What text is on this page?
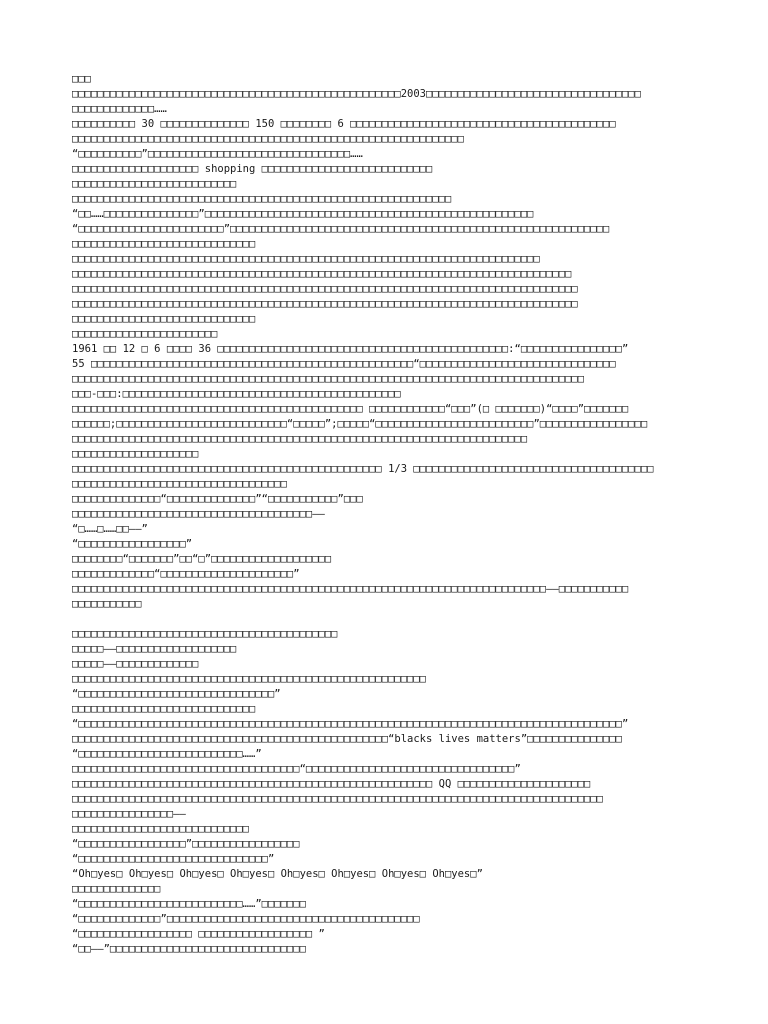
□□□
□□□□□□□□□□□□□□□□□□□□□□□□□□□□□□□□□□□□□□□□□□□□□□□□□□□□2003□□□□□□□□□□□□□□□□□□□□□□□□□□□□□□□□□□
□□□□□□□□□□□□□……
□□□□□□□□□□ 30 □□□□□□□□□□□□□□ 150 □□□□□□□□ 6 □□□□□□□□□□□□□□□□□□□□□□□□□□□□□□□□□□□□□□□□□□
□□□□□□□□□□□□□□□□□□□□□□□□□□□□□□□□□□□□□□□□□□□□□□□□□□□□□□□□□□□□□□
“□□□□□□□□□□”□□□□□□□□□□□□□□□□□□□□□□□□□□□□□□□□……
□□□□□□□□□□□□□□□□□□□□ shopping □□□□□□□□□□□□□□□□□□□□□□□□□□□
□□□□□□□□□□□□□□□□□□□□□□□□□□
□□□□□□□□□□□□□□□□□□□□□□□□□□□□□□□□□□□□□□□□□□□□□□□□□□□□□□□□□□□□
“□□……□□□□□□□□□□□□□□□”□□□□□□□□□□□□□□□□□□□□□□□□□□□□□□□□□□□□□□□□□□□□□□□□□□□□
“□□□□□□□□□□□□□□□□□□□□□□□”□□□□□□□□□□□□□□□□□□□□□□□□□□□□□□□□□□□□□□□□□□□□□□□□□□□□□□□□□□□□
□□□□□□□□□□□□□□□□□□□□□□□□□□□□□
□□□□□□□□□□□□□□□□□□□□□□□□□□□□□□□□□□□□□□□□□□□□□□□□□□□□□□□□□□□□□□□□□□□□□□□□□□
□□□□□□□□□□□□□□□□□□□□□□□□□□□□□□□□□□□□□□□□□□□□□□□□□□□□□□□□□□□□□□□□□□□□□□□□□□□□□□□
□□□□□□□□□□□□□□□□□□□□□□□□□□□□□□□□□□□□□□□□□□□□□□□□□□□□□□□□□□□□□□□□□□□□□□□□□□□□□□□□
□□□□□□□□□□□□□□□□□□□□□□□□□□□□□□□□□□□□□□□□□□□□□□□□□□□□□□□□□□□□□□□□□□□□□□□□□□□□□□□□
□□□□□□□□□□□□□□□□□□□□□□□□□□□□□
□□□□□□□□□□□□□□□□□□□□□□□
1961 □□ 12 □ 6 □□□□ 36 □□□□□□□□□□□□□□□□□□□□□□□□□□□□□□□□□□□□□□□□□□□□□□:“□□□□□□□□□□□□□□□□”
55 □□□□□□□□□□□□□□□□□□□□□□□□□□□□□□□□□□□□□□□□□□□□□□□□□□□“□□□□□□□□□□□□□□□□□□□□□□□□□□□□□□□
□□□□□□□□□□□□□□□□□□□□□□□□□□□□□□□□□□□□□□□□□□□□□□□□□□□□□□□□□□□□□□□□□□□□□□□□□□□□□□□□□
□□□-□□□:□□□□□□□□□□□□□□□□□□□□□□□□□□□□□□□□□□□□□□□□□□□□
□□□□□□□□□□□□□□□□□□□□□□□□□□□□□□□□□□□□□□□□□□□□□□ □□□□□□□□□□□□“□□□”(□ □□□□□□□)“□□□□”□□□□□□□
□□□□□□;□□□□□□□□□□□□□□□□□□□□□□□□□□□“□□□□□”;□□□□□“□□□□□□□□□□□□□□□□□□□□□□□□□”□□□□□□□□□□□□□□□□□
□□□□□□□□□□□□□□□□□□□□□□□□□□□□□□□□□□□□□□□□□□□□□□□□□□□□□□□□□□□□□□□□□□□□□□□□
□□□□□□□□□□□□□□□□□□□□
□□□□□□□□□□□□□□□□□□□□□□□□□□□□□□□□□□□□□□□□□□□□□□□□□ 1/3 □□□□□□□□□□□□□□□□□□□□□□□□□□□□□□□□□□□□□□
□□□□□□□□□□□□□□□□□□□□□□□□□□□□□□□□□□
□□□□□□□□□□□□□□“□□□□□□□□□□□□□□”“□□□□□□□□□□□”□□□
□□□□□□□□□□□□□□□□□□□□□□□□□□□□□□□□□□□□□□——
“□……□……□□——”
“□□□□□□□□□□□□□□□□□”
□□□□□□□□“□□□□□□□”□□“□”□□□□□□□□□□□□□□□□□□□
□□□□□□□□□□□□□“□□□□□□□□□□□□□□□□□□□□□”
□□□□□□□□□□□□□□□□□□□□□□□□□□□□□□□□□□□□□□□□□□□□□□□□□□□□□□□□□□□□□□□□□□□□□□□□□□□——□□□□□□□□□□□
□□□□□□□□□□□
□□□□□□□□□□□□□□□□□□□□□□□□□□□□□□□□□□□□□□□□□□
□□□□□——□□□□□□□□□□□□□□□□□□□
□□□□□——□□□□□□□□□□□□□
□□□□□□□□□□□□□□□□□□□□□□□□□□□□□□□□□□□□□□□□□□□□□□□□□□□□□□□□
“□□□□□□□□□□□□□□□□□□□□□□□□□□□□□□□”
□□□□□□□□□□□□□□□□□□□□□□□□□□□□□
“□□□□□□□□□□□□□□□□□□□□□□□□□□□□□□□□□□□□□□□□□□□□□□□□□□□□□□□□□□□□□□□□□□□□□□□□□□□□□□□□□□□□□□”
□□□□□□□□□□□□□□□□□□□□□□□□□□□□□□□□□□□□□□□□□□□□□□□□□□“blacks lives matters”□□□□□□□□□□□□□□□
“□□□□□□□□□□□□□□□□□□□□□□□□□□……”
□□□□□□□□□□□□□□□□□□□□□□□□□□□□□□□□□□□□“□□□□□□□□□□□□□□□□□□□□□□□□□□□□□□□□□”
□□□□□□□□□□□□□□□□□□□□□□□□□□□□□□□□□□□□□□□□□□□□□□□□□□□□□□□□□ QQ □□□□□□□□□□□□□□□□□□□□□
□□□□□□□□□□□□□□□□□□□□□□□□□□□□□□□□□□□□□□□□□□□□□□□□□□□□□□□□□□□□□□□□□□□□□□□□□□□□□□□□□□□□
□□□□□□□□□□□□□□□□——
□□□□□□□□□□□□□□□□□□□□□□□□□□□□
“□□□□□□□□□□□□□□□□□”□□□□□□□□□□□□□□□□□
“□□□□□□□□□□□□□□□□□□□□□□□□□□□□□□”
“Oh□yes□ Oh□yes□ Oh□yes□ Oh□yes□ Oh□yes□ Oh□yes□ Oh□yes□ Oh□yes□”
□□□□□□□□□□□□□□
“□□□□□□□□□□□□□□□□□□□□□□□□□□……”□□□□□□□
“□□□□□□□□□□□□□”□□□□□□□□□□□□□□□□□□□□□□□□□□□□□□□□□□□□□□□□
“□□□□□□□□□□□□□□□□□□ □□□□□□□□□□□□□□□□□□ ”
“□□——”□□□□□□□□□□□□□□□□□□□□□□□□□□□□□□□
